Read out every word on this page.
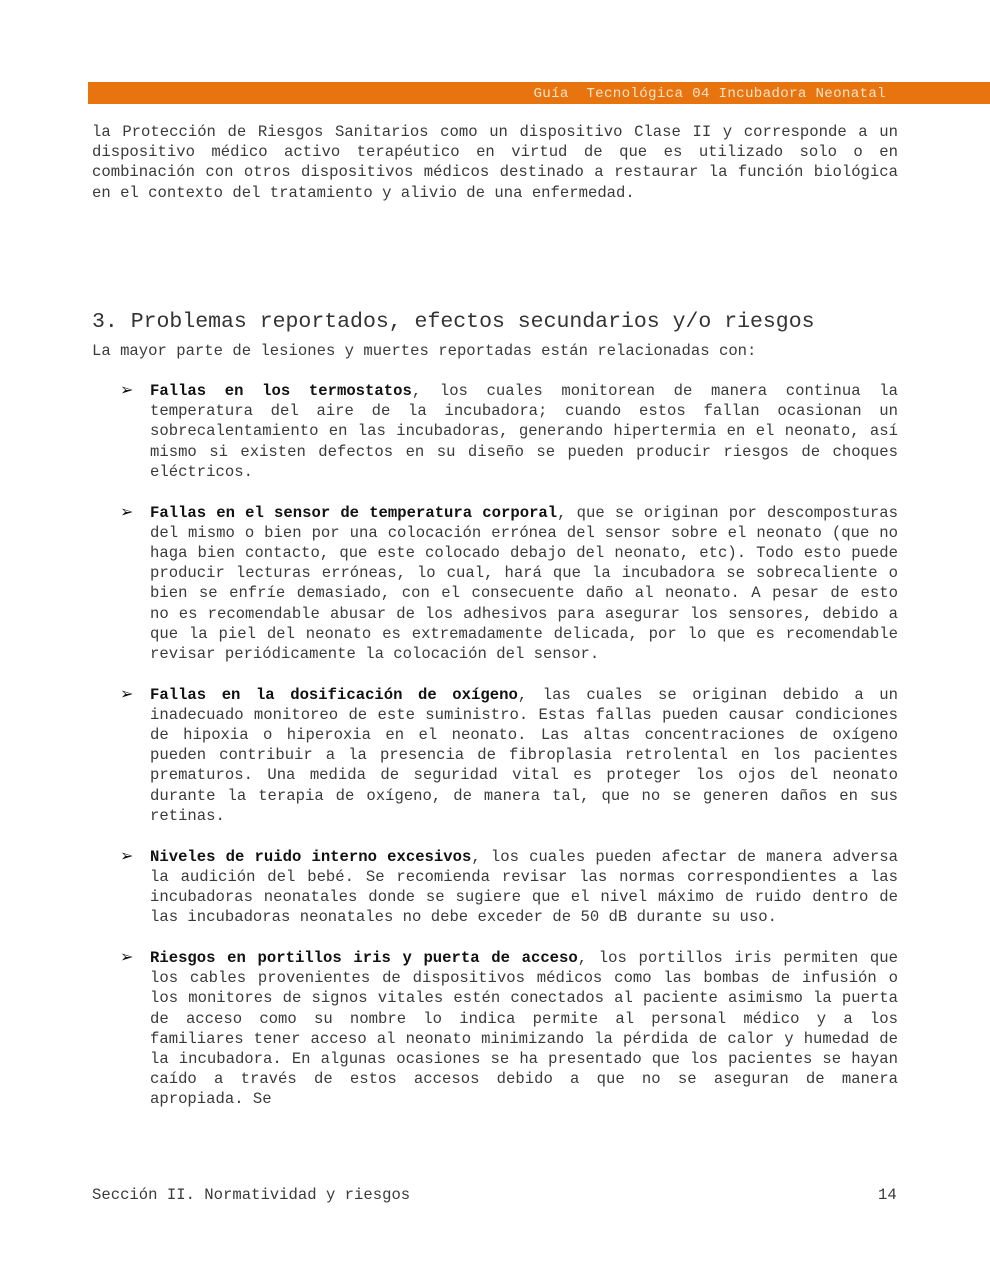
Guía  Tecnológica 04 Incubadora Neonatal

la Protección de Riesgos Sanitarios como un dispositivo Clase II y corresponde a un dispositivo médico activo terapéutico en virtud de que es utilizado solo o en combinación con otros dispositivos médicos destinado a restaurar la función biológica en el contexto del tratamiento y alivio de una enfermedad.

3. Problemas reportados, efectos secundarios y/o riesgos
La mayor parte de lesiones y muertes reportadas están relacionadas con:
➢ Fallas en los termostatos, los cuales monitorean de manera continua la temperatura del aire de la incubadora; cuando estos fallan ocasionan un sobrecalentamiento en las incubadoras, generando hipertermia en el neonato, así mismo si existen defectos en su diseño se pueden producir riesgos de choques eléctricos.

➢ Fallas en el sensor de temperatura corporal, que se originan por descomposturas del mismo o bien por una colocación errónea del sensor sobre el neonato (que no haga bien contacto, que este colocado debajo del neonato, etc). Todo esto puede producir lecturas erróneas, lo cual, hará que la incubadora se sobrecaliente o bien se enfríe demasiado, con el consecuente daño al neonato. A pesar de esto no es recomendable abusar de los adhesivos para asegurar los sensores, debido a que la piel del neonato es extremadamente delicada, por lo que es recomendable revisar periódicamente la colocación del sensor.

➢ Fallas en la dosificación de oxígeno, las cuales se originan debido a un inadecuado monitoreo de este suministro. Estas fallas pueden causar condiciones de hipoxia o hiperoxia en el neonato. Las altas concentraciones de oxígeno pueden contribuir a la presencia de fibroplasia retrolental en los pacientes prematuros. Una medida de seguridad vital es proteger los ojos del neonato durante la terapia de oxígeno, de manera tal, que no se generen daños en sus retinas.

➢ Niveles de ruido interno excesivos, los cuales pueden afectar de manera adversa la audición del bebé. Se recomienda revisar las normas correspondientes a las incubadoras neonatales donde se sugiere que el nivel máximo de ruido dentro de las incubadoras neonatales no debe exceder de 50 dB durante su uso.

➢ Riesgos en portillos iris y puerta de acceso, los portillos iris permiten que los cables provenientes de dispositivos médicos como las bombas de infusión o los monitores de signos vitales estén conectados al paciente asimismo la puerta de acceso como su nombre lo indica permite al personal médico y a los familiares tener acceso al neonato minimizando la pérdida de calor y humedad de la incubadora. En algunas ocasiones se ha presentado que los pacientes se hayan caído a través de estos accesos debido a que no se aseguran de manera apropiada. Se

Sección II. Normatividad y riesgos	14
